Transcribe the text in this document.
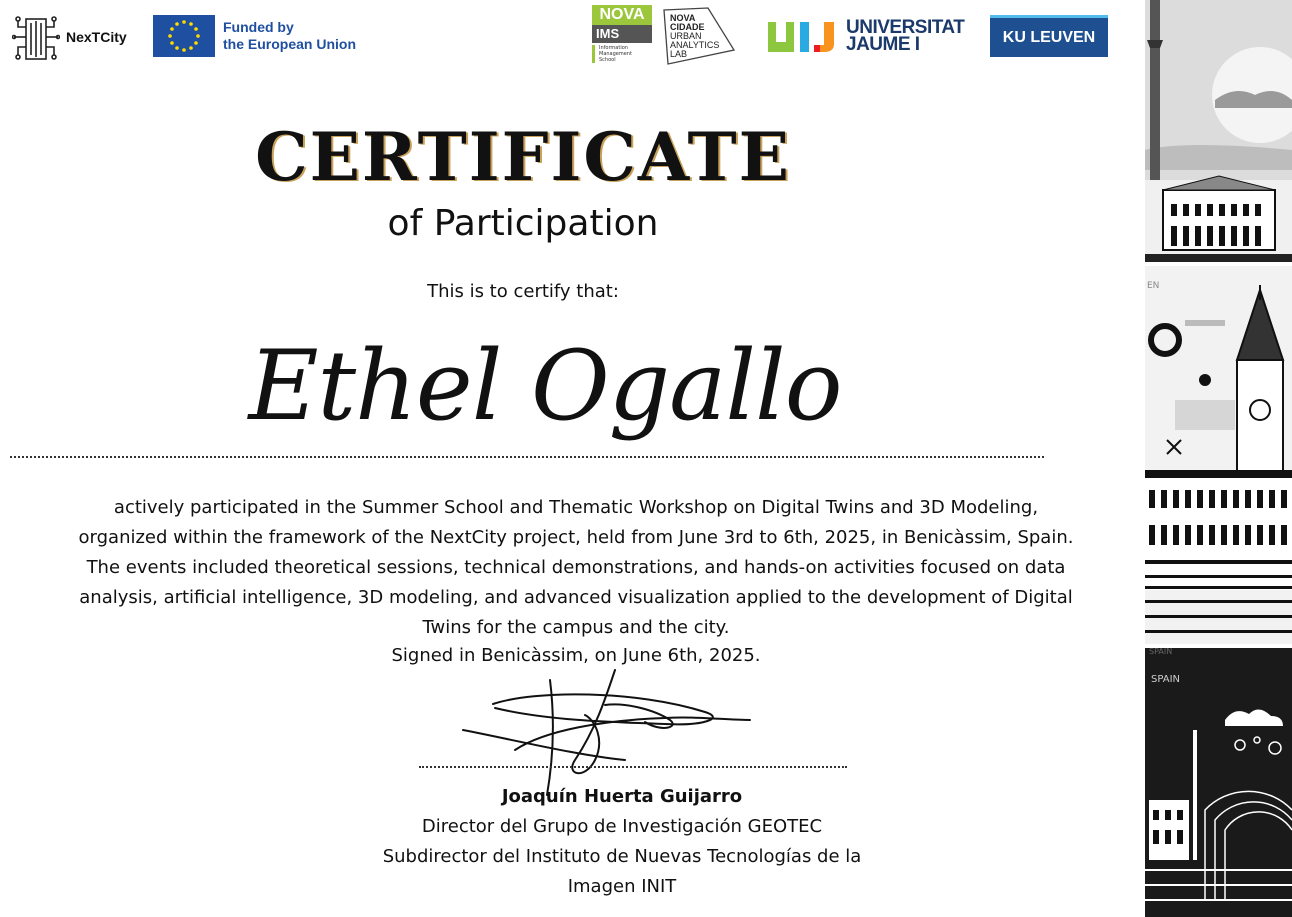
NexTCity
Funded by
the European Union
NOVA
IMS
Information
Management
School
NOVA
CIDADE
URBAN
ANALYTICS
LAB
UNIVERSITAT
JAUME I	KU LEUVEN
CERTIFICATE
of Participation
This is to certify that:
Ethel Ogallo
actively participated in the Summer School and Thematic Workshop on Digital Twins and 3D Modeling,
organized within the framework of the NextCity project, held from June 3rd to 6th, 2025, in Benicàssim, Spain.
The events included theoretical sessions, technical demonstrations, and hands-on activities focused on data
analysis, artificial intelligence, 3D modeling, and advanced visualization applied to the development of Digital
Twins for the campus and the city.
Signed in Benicàssim, on June 6th, 2025.
Joaquín Huerta Guijarro
Director del Grupo de Investigación GEOTEC
Subdirector del Instituto de Nuevas Tecnologías de la
Imagen INIT
EN
SPAIN
SPAIN
